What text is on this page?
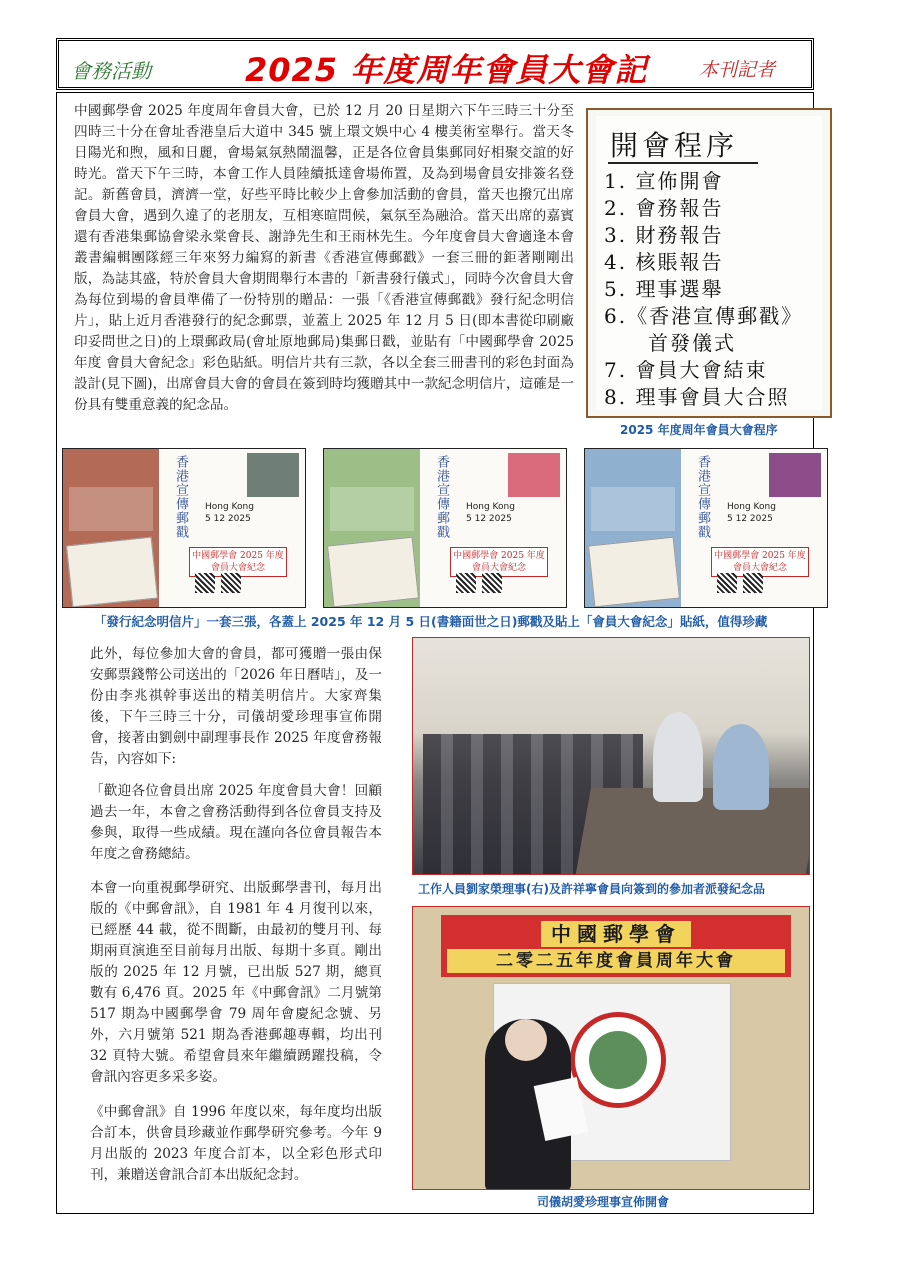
會務活動	2025 年度周年會員大會記	本刊記者

中國郵學會 2025 年度周年會員大會，已於 12 月 20 日星期六下午三時三十分至四時三十分在會址香港皇后大道中 345 號上環文娛中心 4 樓美術室舉行。當天冬日陽光和煦，風和日麗，會場氣氛熱鬧溫馨，正是各位會員集郵同好相聚交誼的好時光。當天下午三時，本會工作人員陸續抵達會場佈置，及為到場會員安排簽名登記。新舊會員，濟濟一堂，好些平時比較少上會參加活動的會員，當天也撥冗出席會員大會，遇到久違了的老朋友，互相寒暄問候，氣氛至為融洽。當天出席的嘉賓還有香港集郵協會梁永棠會長、謝諍先生和王雨林先生。今年度會員大會適逢本會叢書編輯團隊經三年來努力編寫的新書《香港宣傳郵戳》一套三冊的鉅著剛剛出版，為誌其盛，特於會員大會期間舉行本書的「新書發行儀式」，同時今次會員大會為每位到場的會員準備了一份特別的贈品：一張「《香港宣傳郵戳》發行紀念明信片」，貼上近月香港發行的紀念郵票，並蓋上 2025 年 12 月 5 日(即本書從印刷廠印妥問世之日)的上環郵政局(會址原地郵局)集郵日戳，並貼有「中國郵學會 2025 年度 會員大會紀念」彩色貼紙。明信片共有三款，各以全套三冊書刊的彩色封面為設計(見下圖)，出席會員大會的會員在簽到時均獲贈其中一款紀念明信片，這確是一份具有雙重意義的紀念品。

開會程序
1. 宣佈開會
2. 會務報告
3. 財務報告
4. 核賬報告
5. 理事選舉
6.《香港宣傳郵戳》
　　首發儀式
7. 會員大會結束
8. 理事會員大合照
2025 年度周年會員大會程序
香港宣傳郵戳 Hong Kong
5 12 2025
中國郵學會 2025 年度
會員大會紀念
香港宣傳郵戳 Hong Kong
5 12 2025
中國郵學會 2025 年度
會員大會紀念
香港宣傳郵戳 Hong Kong
5 12 2025
中國郵學會 2025 年度
會員大會紀念
「發行紀念明信片」一套三張，各蓋上 2025 年 12 月 5 日(書籍面世之日)郵戳及貼上「會員大會紀念」貼紙，值得珍藏

此外，每位參加大會的會員，都可獲贈一張由保安郵票錢幣公司送出的「2026 年日曆咭」，及一份由李兆祺幹事送出的精美明信片。大家齊集後，下午三時三十分，司儀胡愛珍理事宣佈開會，接著由劉劍中副理事長作 2025 年度會務報告，內容如下:

「歡迎各位會員出席 2025 年度會員大會！回顧過去一年，本會之會務活動得到各位會員支持及參與，取得一些成績。現在謹向各位會員報告本年度之會務總結。

本會一向重視郵學研究、出版郵學書刊，每月出版的《中郵會訊》，自 1981 年 4 月復刊以來，已經歷 44 載，從不間斷，由最初的雙月刊、每期兩頁演進至目前每月出版、每期十多頁。剛出版的 2025 年 12 月號，已出版 527 期，總頁數有 6,476 頁。2025 年《中郵會訊》二月號第 517 期為中國郵學會 79 周年會慶紀念號、另外，六月號第 521 期為香港郵趣專輯，均出刊 32 頁特大號。希望會員來年繼續踴躍投稿，令會訊內容更多采多姿。

《中郵會訊》自 1996 年度以來，每年度均出版合訂本，供會員珍藏並作郵學研究參考。今年 9 月出版的 2023 年度合訂本，以全彩色形式印刊，兼贈送會訊合訂本出版紀念封。

工作人員劉家榮理事(右)及許祥寧會員向簽到的參加者派發紀念品
中國郵學會
二零二五年度會員周年大會
司儀胡愛珍理事宣佈開會
